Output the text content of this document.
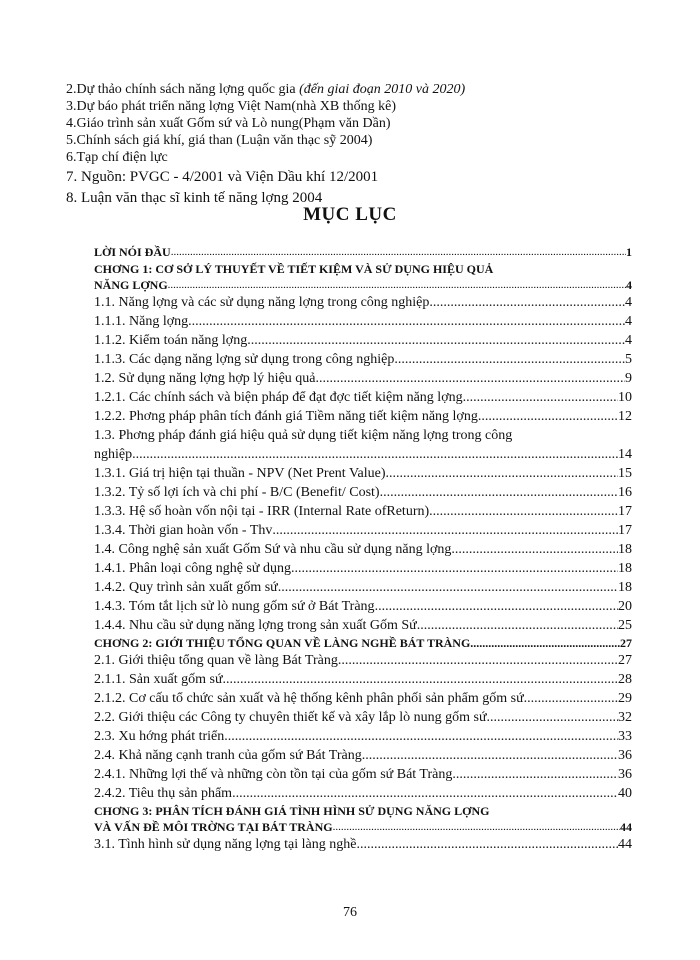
2.Dự thảo chính sách năng lợng quốc gia (đến giai đoạn 2010 và 2020)
3.Dự báo phát triển năng lợng Việt Nam(nhà XB thống kê)
4.Giáo trình sản xuất Gốm sứ và Lò nung(Phạm văn Dần)
5.Chính sách giá khí, giá than (Luận văn thạc sỹ 2004)
6.Tạp chí điện lực
7. Nguồn: PVGC - 4/2001 và Viện Dầu khí 12/2001
8. Luận văn thạc sĩ kinh tế năng lợng 2004
MỤC LỤC
LỜI NÓI ĐẦU .....	1
CHƠNG 1: CƠ SỞ LÝ THUYẾT VỀ TIẾT KIỆM VÀ SỬ DỤNG HIỆU QUẢ
NĂNG LỢNG .....	4
1.1. Năng lợng và các sử dụng năng lợng trong công nghiệp .....	4
1.1.1. Năng lợng .....	4
1.1.2. Kiểm toán năng lợng .....	4
1.1.3. Các dạng năng lợng sử dụng trong công nghiệp .....	5
1.2. Sử dụng năng lợng hợp lý hiệu quả .....	9
1.2.1. Các chính sách và biện pháp để đạt đợc tiết kiệm năng lợng .....	10
1.2.2. Phơng pháp phân tích đánh giá Tiềm năng tiết kiệm năng lợng .....	12
1.3. Phơng pháp đánh giá hiệu quả sử dụng tiết kiệm năng lợng trong công
nghiệp .....	14
1.3.1. Giá trị hiện tại thuần - NPV (Net Prent Value) .....	15
1.3.2. Tỷ số lợi ích và chi phí - B/C (Benefit/ Cost) .....	16
1.3.3. Hệ số hoàn vốn nội tại - IRR (Internal Rate ofReturn) .....	17
1.3.4. Thời gian hoàn vốn - Thv .....	17
1.4. Công nghệ sản xuất Gốm Sứ và nhu cầu sử dụng năng lợng .....	18
1.4.1. Phân loại công nghệ sử dụng .....	18
1.4.2. Quy trình sản xuất gốm sứ .....	18
1.4.3. Tóm tắt lịch sử lò nung gốm sứ ở Bát Tràng .....	20
1.4.4. Nhu cầu sử dụng năng lợng trong sản xuất Gốm Sứ .....	25
CHƠNG 2: GIỚI THIỆU TỔNG QUAN VỀ LÀNG NGHỀ BÁT TRÀNG .....	27
2.1. Giới thiệu tổng quan về làng Bát Tràng .....	27
2.1.1. Sản xuất gốm sứ .....	28
2.1.2. Cơ cấu tổ chức sản xuất và hệ thống kênh phân phối sản phẩm gốm sứ .....	29
2.2. Giới thiệu các Công ty chuyên thiết kế và xây lắp lò nung gốm sứ .....	32
2.3. Xu hớng phát triển .....	33
2.4. Khả năng cạnh tranh của gốm sứ Bát Tràng .....	36
2.4.1. Những lợi thế và những còn tồn tại của gốm sứ Bát Tràng .....	36
2.4.2. Tiêu thụ sản phẩm .....	40
CHƠNG 3: PHÂN TÍCH ĐÁNH GIÁ TÌNH HÌNH SỬ DỤNG NĂNG LỢNG
VÀ VẤN ĐỀ MÔI TRỜNG TẠI BÁT TRÀNG .....	44
3.1. Tình hình sử dụng năng lợng tại làng nghề .....	44
76
